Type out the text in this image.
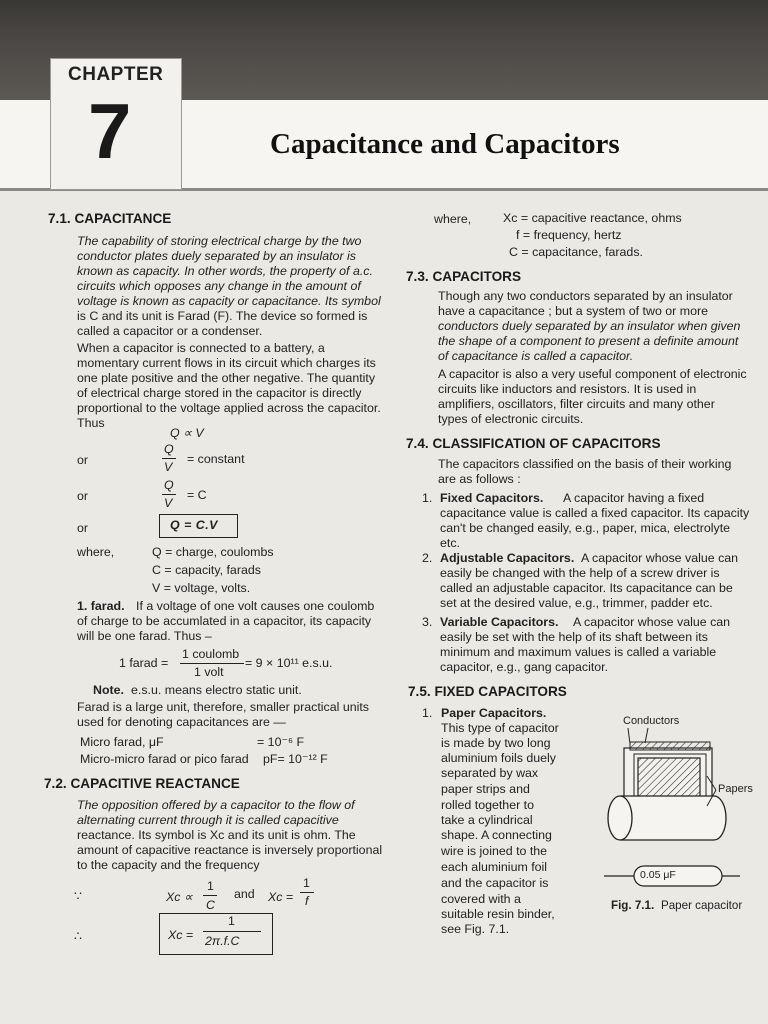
CHAPTER
7	Capacitance and Capacitors
7.1. CAPACITANCE
The capability of storing electrical charge by the two
conductor plates duely separated by an insulator is
known as capacity. In other words, the property of a.c.
circuits which opposes any change in the amount of
voltage is known as capacity or capacitance. Its symbol
is C and its unit is Farad (F). The device so formed is
called a capacitor or a condenser.
When a capacitor is connected to a battery, a
momentary current flows in its circuit which charges its
one plate positive and the other negative. The quantity
of electrical charge stored in the capacitor is directly
proportional to the voltage applied across the capacitor.
Thus
Q ∝ V
or
Q
V
= constant
or
Q
V
= C
or	Q = C.V
where,	Q = charge, coulombs
C = capacity, farads
V = voltage, volts.
1. farad. If a voltage of one volt causes one coulomb
of charge to be accumlated in a capacitor, its capacity
will be one farad. Thus –
1 farad =
1 coulomb
1 volt
= 9 × 10¹¹ e.s.u.
Note. e.s.u. means electro static unit.
Farad is a large unit, therefore, smaller practical units
used for denoting capacitances are —
Micro farad, μF	= 10⁻⁶ F
Micro-micro farad or pico farad pF= 10⁻¹² F
7.2. CAPACITIVE REACTANCE
The opposition offered by a capacitor to the flow of
alternating current through it is called capacitive
reactance. Its symbol is Xc and its unit is ohm. The
amount of capacitive reactance is inversely proportional
to the capacity and the frequency
∵	Xc ∝
1
C
and Xc =
1
f
∴	Xc =
1
2π.f.C
where,	Xc = capacitive reactance, ohms
f = frequency, hertz
C = capacitance, farads.
7.3. CAPACITORS
Though any two conductors separated by an insulator
have a capacitance ; but a system of two or more
conductors duely separated by an insulator when given
the shape of a component to present a definite amount
of capacitance is called a capacitor.
A capacitor is also a very useful component of electronic
circuits like inductors and resistors. It is used in
amplifiers, oscillators, filter circuits and many other
types of electronic circuits.
7.4. CLASSIFICATION OF CAPACITORS
The capacitors classified on the basis of their working
are as follows :
1. Fixed Capacitors. A capacitor having a fixed
capacitance value is called a fixed capacitor. Its capacity
can't be changed easily, e.g., paper, mica, electrolyte
etc.
2. Adjustable Capacitors. A capacitor whose value can
easily be changed with the help of a screw driver is
called an adjustable capacitor. Its capacitance can be
set at the desired value, e.g., trimmer, padder etc.
3. Variable Capacitors. A capacitor whose value can
easily be set with the help of its shaft between its
minimum and maximum values is called a variable
capacitor, e.g., gang capacitor.
7.5. FIXED CAPACITORS
1. Paper Capacitors.
This type of capacitor
is made by two long
aluminium foils duely
separated by wax
paper strips and
rolled together to
take a cylindrical
shape. A connecting
wire is joined to the
each aluminium foil
and the capacitor is
covered with a
suitable resin binder,
see Fig. 7.1.
Conductors
Papers
0.05 μF
Fig. 7.1. Paper capacitor
